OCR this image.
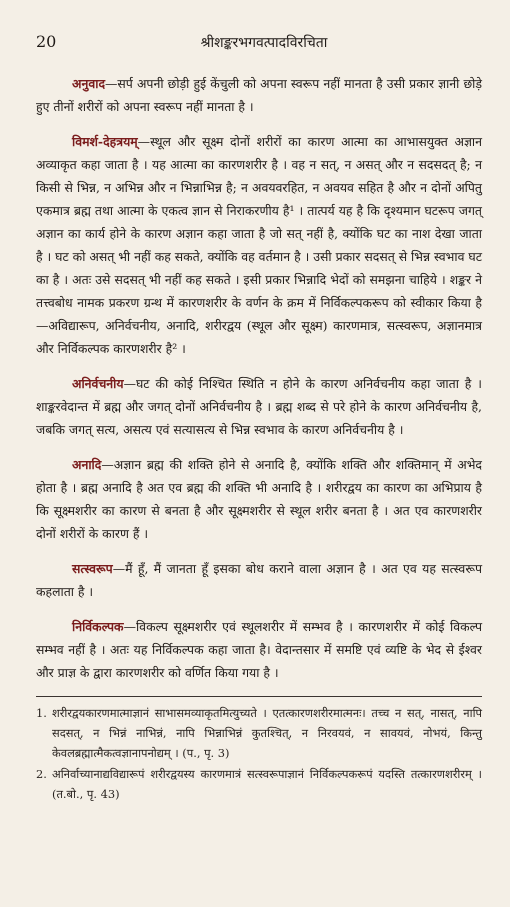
20	श्रीशङ्करभगवत्पादविरचिता

अनुवाद—सर्प अपनी छोड़ी हुई केंचुली को अपना स्वरूप नहीं मानता है उसी प्रकार ज्ञानी छोड़े हुए तीनों शरीरों को अपना स्वरूप नहीं मानता है ।

विमर्श-देहत्रयम्—स्थूल और सूक्ष्म दोनों शरीरों का कारण आत्मा का आभासयुक्त अज्ञान अव्याकृत कहा जाता है । यह आत्मा का कारणशरीर है । वह न सत्, न असत् और न सदसदत् है; न किसी से भिन्न, न अभिन्न और न भिन्नाभिन्न है; न अवयवरहित, न अवयव सहित है और न दोनों अपितु एकमात्र ब्रह्म तथा आत्मा के एकत्व ज्ञान से निराकरणीय है¹ । तात्पर्य यह है कि दृश्यमान घटरूप जगत् अज्ञान का कार्य होने के कारण अज्ञान कहा जाता है जो सत् नहीं है, क्योंकि घट का नाश देखा जाता है । घट को असत् भी नहीं कह सकते, क्योंकि वह वर्तमान है । उसी प्रकार सदसत् से भिन्न स्वभाव घट का है । अतः उसे सदसत् भी नहीं कह सकते । इसी प्रकार भिन्नादि भेदों को समझना चाहिये । शङ्कर ने तत्त्वबोध नामक प्रकरण ग्रन्थ में कारणशरीर के वर्णन के क्रम में निर्विकल्पकरूप को स्वीकार किया है—अविद्यारूप, अनिर्वचनीय, अनादि, शरीरद्वय (स्थूल और सूक्ष्म) कारणमात्र, सत्स्वरूप, अज्ञानमात्र और निर्विकल्पक कारणशरीर है² ।

अनिर्वचनीय—घट की कोई निश्चित स्थिति न होने के कारण अनिर्वचनीय कहा जाता है । शाङ्करवेदान्त में ब्रह्म और जगत् दोनों अनिर्वचनीय है । ब्रह्म शब्द से परे होने के कारण अनिर्वचनीय है, जबकि जगत् सत्य, असत्य एवं सत्यासत्य से भिन्न स्वभाव के कारण अनिर्वचनीय है ।

अनादि—अज्ञान ब्रह्म की शक्ति होने से अनादि है, क्योंकि शक्ति और शक्तिमान् में अभेद होता है । ब्रह्म अनादि है अत एव ब्रह्म की शक्ति भी अनादि है । शरीरद्वय का कारण का अभिप्राय है कि सूक्ष्मशरीर का कारण से बनता है और सूक्ष्मशरीर से स्थूल शरीर बनता है । अत एव कारणशरीर दोनों शरीरों के कारण हैं ।

सत्स्वरूप—मैं हूँ, मैं जानता हूँ इसका बोध कराने वाला अज्ञान है । अत एव यह सत्स्वरूप कहलाता है ।

निर्विकल्पक—विकल्प सूक्ष्मशरीर एवं स्थूलशरीर में सम्भव है । कारणशरीर में कोई विकल्प सम्भव नहीं है । अतः यह निर्विकल्पक कहा जाता है। वेदान्तसार में समष्टि एवं व्यष्टि के भेद से ईश्वर और प्राज्ञ के द्वारा कारणशरीर को वर्णित किया गया है ।

1. शरीरद्वयकारणमात्माज्ञानं साभासमव्याकृतमित्युच्यते । एतत्कारणशरीरमात्मनः। तच्च न सत्, नासत्, नापि सदसत्, न भिन्नं नाभिन्नं, नापि भिन्नाभिन्नं कुतश्चित्, न निरवयवं, न सावयवं, नोभयं, किन्तु केवलब्रह्मात्मैकत्वज्ञानापनोद्यम् । (प., पृ. 3)
2. अनिर्वाच्यानाद्यविद्यारूपं शरीरद्वयस्य कारणमात्रं सत्स्वरूपाज्ञानं निर्विकल्पकरूपं यदस्ति तत्कारणशरीरम् । (त.बो., पृ. 43)
